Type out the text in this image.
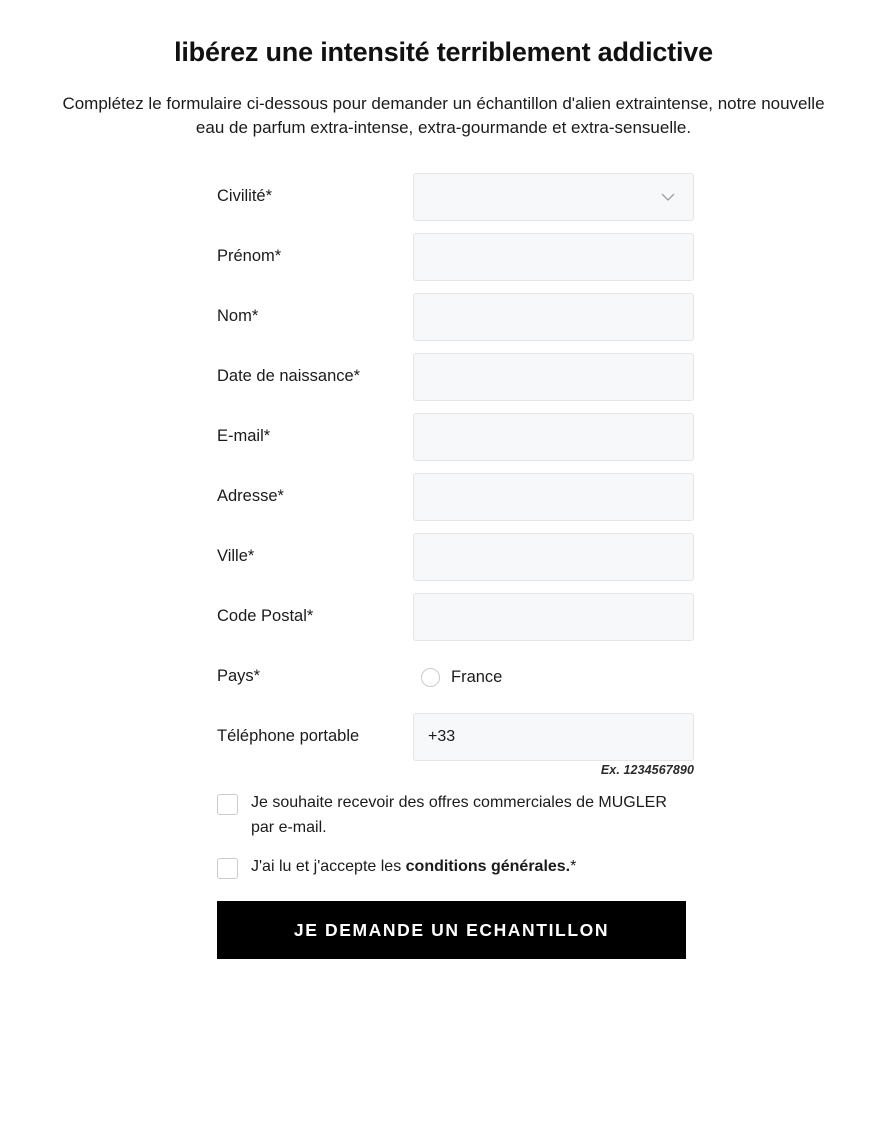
libérez une intensité terriblement addictive
Complétez le formulaire ci-dessous pour demander un échantillon d'alien extraintense, notre nouvelle
eau de parfum extra-intense, extra-gourmande et extra-sensuelle.
Civilité*
Prénom*
Nom*
Date de naissance*
E-mail*
Adresse*
Ville*
Code Postal*
Pays*	France
Téléphone portable
+33
Ex. 1234567890
Je souhaite recevoir des offres commerciales de MUGLER par e-mail.
J'ai lu et j'accepte les conditions générales.*
JE DEMANDE UN ECHANTILLON
